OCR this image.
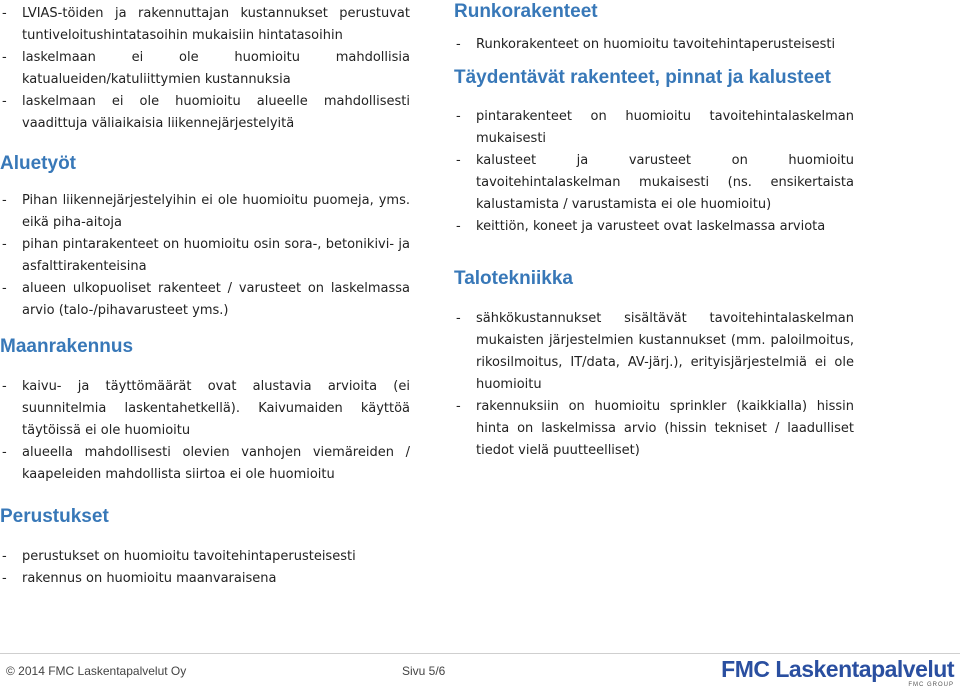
- LVIAS-töiden ja rakennuttajan kustannukset perustuvat tuntiveloitushintatasoihin mukaisiin hintatasoihin
- laskelmaan ei ole huomioitu mahdollisia katualueiden/katuliittymien kustannuksia
- laskelmaan ei ole huomioitu alueelle mahdollisesti vaadittuja väliaikaisia liikennejärjestelyitä
Aluetyöt
- Pihan liikennejärjestelyihin ei ole huomioitu puomeja, yms. eikä piha-aitoja
- pihan pintarakenteet on huomioitu osin sora-, betonikivi- ja asfalttirakenteisina
- alueen ulkopuoliset rakenteet / varusteet on laskelmassa arvio (talo-/pihavarusteet yms.)
Maanrakennus
- kaivu- ja täyttömäärät ovat alustavia arvioita (ei suunnitelmia laskentahetkellä). Kaivumaiden käyttöä täytöissä ei ole huomioitu
- alueella mahdollisesti olevien vanhojen viemäreiden / kaapeleiden mahdollista siirtoa ei ole huomioitu
Perustukset
- perustukset on huomioitu tavoitehintaperusteisesti
- rakennus on huomioitu maanvaraisena
Runkorakenteet
- Runkorakenteet on huomioitu tavoitehintaperusteisesti
Täydentävät rakenteet, pinnat ja kalusteet
- pintarakenteet on huomioitu tavoitehintalaskelman mukaisesti
- kalusteet ja varusteet on huomioitu tavoitehintalaskelman mukaisesti (ns. ensikertaista kalustamista / varustamista ei ole huomioitu)
- keittiön, koneet ja varusteet ovat laskelmassa arviota
Talotekniikka
- sähkökustannukset sisältävät tavoitehintalaskelman mukaisten järjestelmien kustannukset (mm. paloilmoitus, rikosilmoitus, IT/data, AV-järj.), erityisjärjestelmiä ei ole huomioitu
- rakennuksiin on huomioitu sprinkler (kaikkialla) hissin hinta on laskelmissa arvio (hissin tekniset / laadulliset tiedot vielä puutteelliset)
© 2014 FMC Laskentapalvelut Oy	Sivu 5/6	FMC Laskentapalvelut
FMC GROUP
